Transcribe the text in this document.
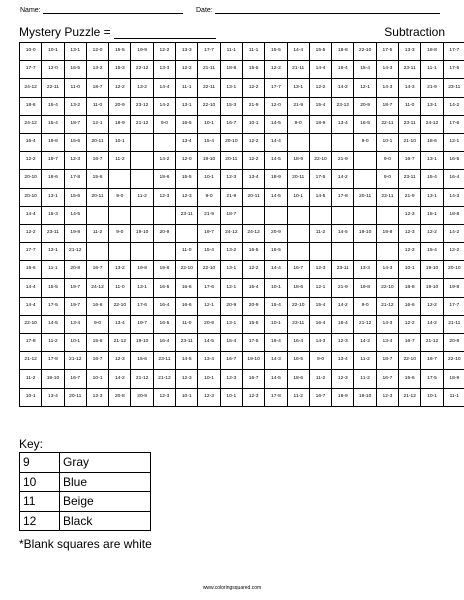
Name:	Date:
Mystery Puzzle =	Subtraction
10-0	10-1	13-1	12-0	15-5	19-9	12-2	13-3	17-7	11-1	11-1	15-5	14-4	15-5	18-8	22-10	17-5	13-3	18-8	17-7
17-7	12-0	16-5	13-2	15-3	22-12	13-3	12-2	21-11	18-8	15-5	12-2	21-11	14-4	16-4	15-4	14-3	23-11	11-1	17-5
24-12	22-11	11-0	18-7	12-2	13-2	14-4	11-1	22-11	13-1	12-2	17-7	13-1	12-2	14-2	12-1	14-3	14-3	21-9	23-11
18-6	15-4	13-2	11-0	20-9	23-12	14-2	13-1	22-10	15-3	21-9	12-0	21-9	15-4	23-12	20-9	18-7	11-0	13-1	14-2
24-12	15-4	18-7	12-1	18-9	21-12	9-0	16-5	10-1	16-7	10-1	14-5	9-0	18-9	13-4	16-5	22-11	23-11	24-12	17-6
16-4	19-8	15-6	20-11	10-1			13-4	15-4	20-10	12-2	14-4				9-0	10-1	21-10	18-6	12-1
12-2	19-7	12-3	16-7	11-2		14-2	12-0	19-10	20-11	12-2	14-5	18-9	22-10	21-9		9-0	16-7	13-1	16-5
20-10	18-6	17-8	15-6			18-6	15-5	10-1	12-3	13-4	18-9	20-11	17-5	14-2		9-0	23-11	15-4	16-4
20-10	13-1	15-6	20-11	9-0	11-2	12-3	12-3	9-0	21-9	20-11	14-5	10-1	14-5	17-8	20-11	23-11	21-9	13-1	14-3
14-4	15-3	14-5					23-11	21-9	18-7								12-3	15-1	18-8
12-2	23-11	19-8	11-2	9-0	19-10	20-9		19-7	24-12	24-12	20-9		11-2	14-5	19-10	19-8	12-3	12-2	14-2
17-7	13-1	21-12					11-0	15-4	13-2	16-5	16-5						12-3	15-4	12-2
16-6	11-1	20-8	16-7	13-2	19-8	19-8	22-10	22-10	13-1	12-2	14-4	16-7	12-3	23-11	13-3	14-3	10-1	19-10	20-10
14-4	15-5	19-7	24-12	11-0	13-1	16-5	16-6	17-6	12-1	15-4	10-1	18-6	12-1	21-9	19-8	22-10	18-8	19-10	19-8
14-4	17-5	19-7	16-6	22-10	17-6	16-4	16-6	12-1	20-9	20-9	15-4	22-10	15-4	14-2	9-0	21-12	16-6	12-2	17-7
22-10	14-5	13-4	9-0	13-4	19-7	16-5	11-0	20-9	13-1	15-5	10-1	23-11	16-4	16-4	21-12	14-3	12-2	14-2	21-11
17-8	11-2	10-1	15-6	21-12	19-10	16-4	23-11	14-5	15-4	17-5	16-4	16-4	14-3	12-3	14-2	13-4	16-7	21-12	20-8
21-12	17-8	21-12	16-7	12-3	15-6	23-11	14-5	13-4	16-7	19-10	14-3	16-5	9-0	13-4	11-2	18-7	22-10	16-7	22-10
11-2	19-10	16-7	10-1	14-2	21-12	21-12	12-3	10-1	12-3	16-7	14-5	18-6	11-2	12-3	11-2	16-7	15-6	17-5	18-9
10-1	13-4	20-11	12-3	20-8	20-9	12-3	10-1	12-3	10-1	12-3	17-8	11-2	16-7	18-9	19-10	12-3	21-12	10-1	11-1
Key:
9	Gray
10	Blue
11	Beige
12	Black
*Blank squares are white
www.coloringsquared.com
